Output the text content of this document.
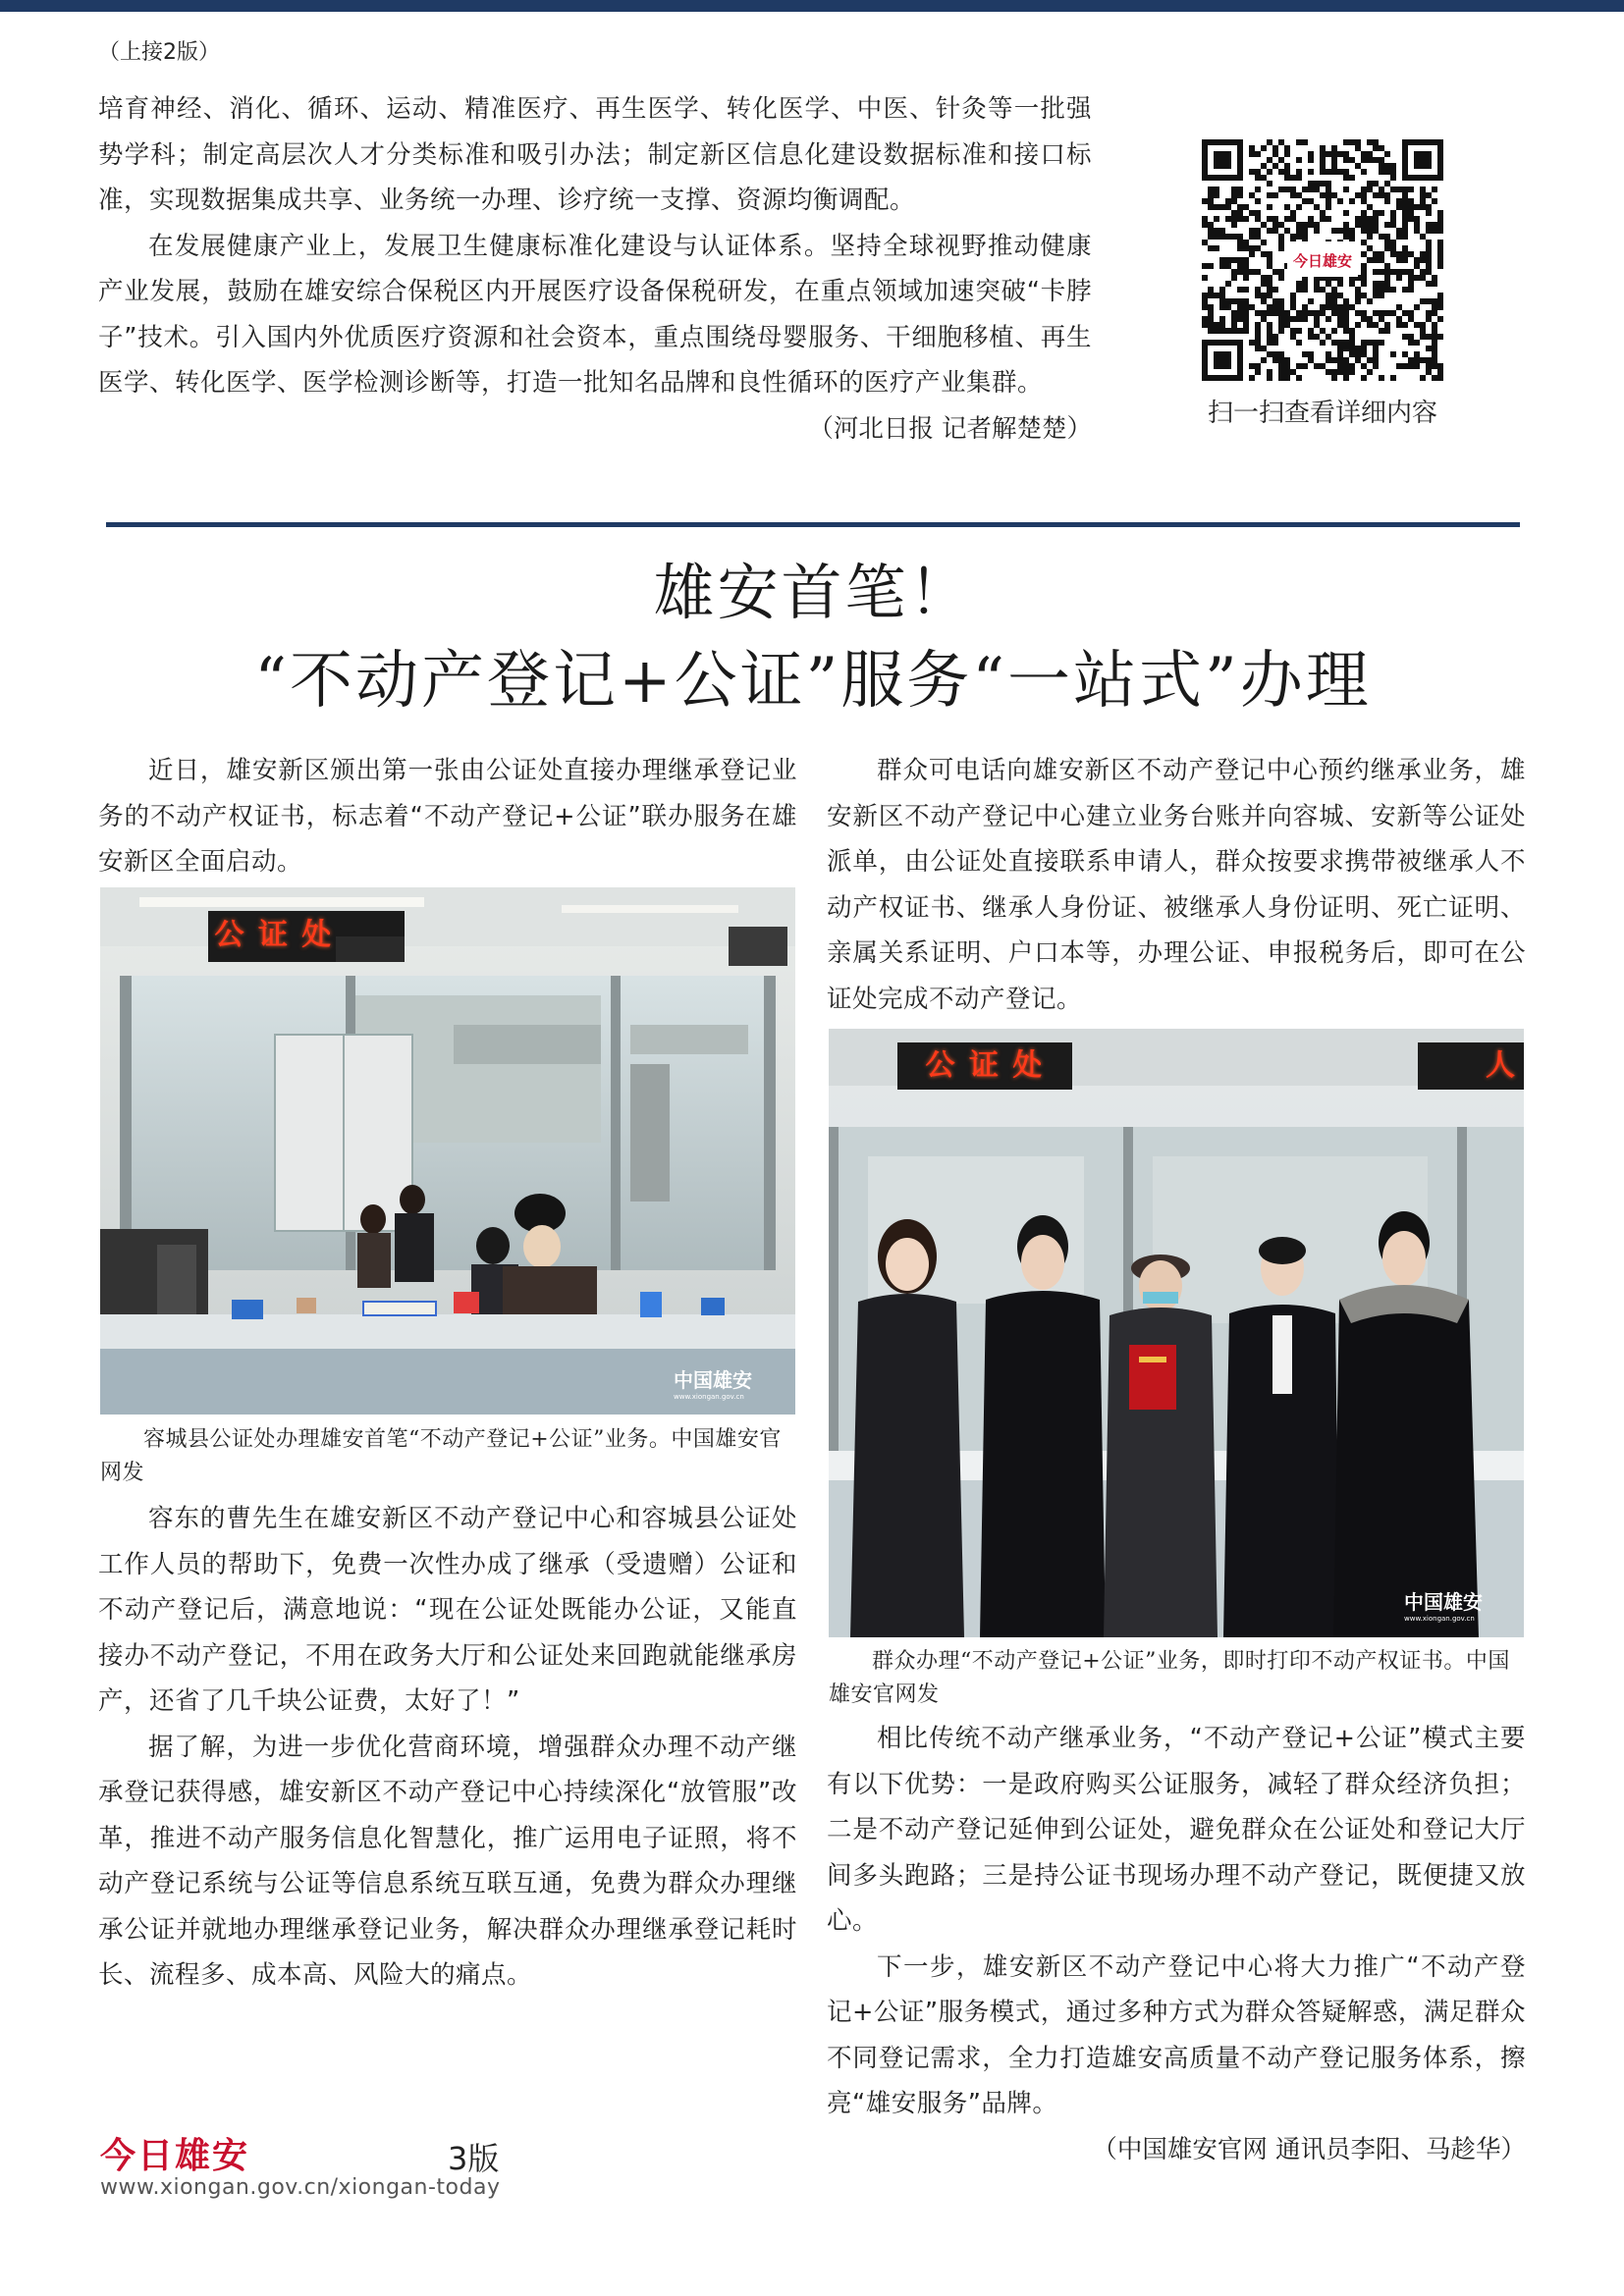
（上接2版）

培育神经、消化、循环、运动、精准医疗、再生医学、转化医学、中医、针灸等一批强势学科；制定高层次人才分类标准和吸引办法；制定新区信息化建设数据标准和接口标准，实现数据集成共享、业务统一办理、诊疗统一支撑、资源均衡调配。

在发展健康产业上，发展卫生健康标准化建设与认证体系。坚持全球视野推动健康产业发展，鼓励在雄安综合保税区内开展医疗设备保税研发，在重点领域加速突破“卡脖子”技术。引入国内外优质医疗资源和社会资本，重点围绕母婴服务、干细胞移植、再生医学、转化医学、医学检测诊断等，打造一批知名品牌和良性循环的医疗产业集群。

（河北日报 记者解楚楚）

今日雄安
扫一扫查看详细内容
雄安首笔！
“不动产登记+公证”服务“一站式”办理

近日，雄安新区颁出第一张由公证处直接办理继承登记业务的不动产权证书，标志着“不动产登记+公证”联办服务在雄安新区全面启动。

公 证 处
中国雄安
www.xiongan.gov.cn
容城县公证处办理雄安首笔“不动产登记+公证”业务。中国雄安官网发

容东的曹先生在雄安新区不动产登记中心和容城县公证处工作人员的帮助下，免费一次性办成了继承（受遗赠）公证和不动产登记后，满意地说：“现在公证处既能办公证，又能直接办不动产登记，不用在政务大厅和公证处来回跑就能继承房产，还省了几千块公证费，太好了！”

据了解，为进一步优化营商环境，增强群众办理不动产继承登记获得感，雄安新区不动产登记中心持续深化“放管服”改革，推进不动产服务信息化智慧化，推广运用电子证照，将不动产登记系统与公证等信息系统互联互通，免费为群众办理继承公证并就地办理继承登记业务，解决群众办理继承登记耗时长、流程多、成本高、风险大的痛点。

群众可电话向雄安新区不动产登记中心预约继承业务，雄安新区不动产登记中心建立业务台账并向容城、安新等公证处派单，由公证处直接联系申请人，群众按要求携带被继承人不动产权证书、继承人身份证、被继承人身份证明、死亡证明、亲属关系证明、户口本等，办理公证、申报税务后，即可在公证处完成不动产登记。

公 证 处	人
中国雄安
www.xiongan.gov.cn
群众办理“不动产登记+公证”业务，即时打印不动产权证书。中国雄安官网发

相比传统不动产继承业务，“不动产登记+公证”模式主要有以下优势：一是政府购买公证服务，减轻了群众经济负担；二是不动产登记延伸到公证处，避免群众在公证处和登记大厅间多头跑路；三是持公证书现场办理不动产登记，既便捷又放心。

下一步，雄安新区不动产登记中心将大力推广“不动产登记+公证”服务模式，通过多种方式为群众答疑解惑，满足群众不同登记需求，全力打造雄安高质量不动产登记服务体系，擦亮“雄安服务”品牌。

（中国雄安官网 通讯员李阳、马趁华）

今日雄安	3版
www.xiongan.gov.cn/xiongan-today
